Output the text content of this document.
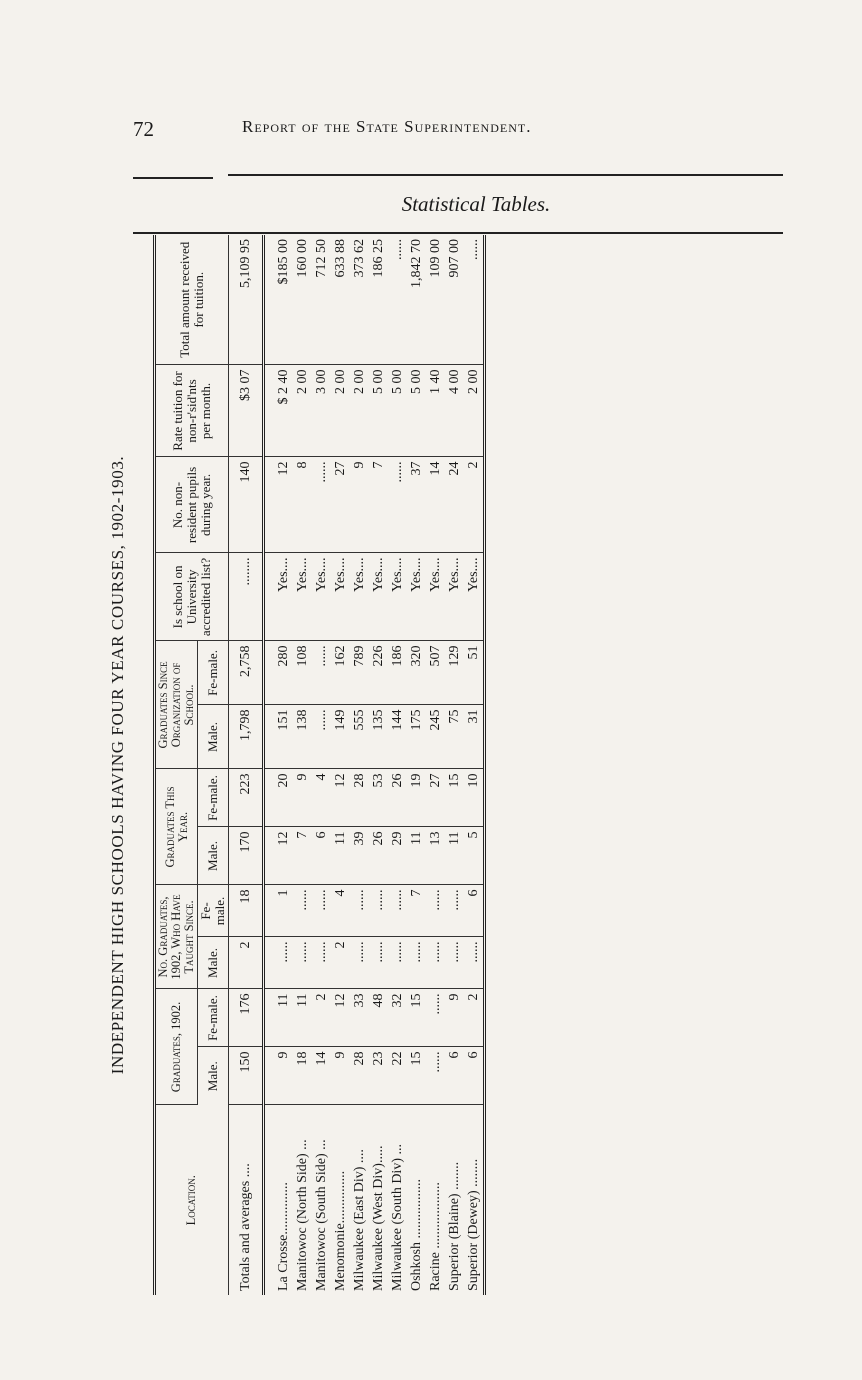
72	Report of the State Superintendent.
Statistical Tables.
INDEPENDENT HIGH SCHOOLS HAVING FOUR YEAR COURSES, 1902-1903.
Location.	Graduates, 1902.		No. Graduates, 1902, Who Have Taught Since.		Graduates This Year.		Graduates Since Organization of School.		Is school on University accredited list?	No. non-resident pupils during year.	Rate tuition for non-r'sid'nts per month.	Total amount received for tuition.
	Male.	Fe-male.	Male.	Fe-male.	Male.	Fe-male.	Male.	Fe-male.				
Totals and averages ....	150	176	2	18	170	223	1,798	2,758	........	140	$3 07	5,109 95
La Crosse...............	9	11	......	1	12	20	151	280	Yes....	12	$ 2 40	$185 00
Manitowoc (North Side) ...	18	11	......	......	7	9	138	108	Yes....	8	2 00	160 00
Manitowoc (South Side) ...	14	2	......	......	6	4	......	......	Yes....	......	3 00	712 50
Menomonie...............	9	12	2	4	11	12	149	162	Yes....	27	2 00	633 88
Milwaukee (East Div) ....	28	33	......	......	39	28	555	789	Yes....	9	2 00	373 62
Milwaukee (West Div).....	23	48	......	......	26	53	135	226	Yes....	7	5 00	186 25
Milwaukee (South Div) ...	22	32	......	......	29	26	144	186	Yes....	......	5 00	......
Oshkosh .................	15	15	......	7	11	19	175	320	Yes....	37	5 00	1,842 70
Racine ...................	......	......	......	......	13	27	245	507	Yes....	14	1 40	109 00
Superior (Blaine) ........	6	9	......	......	11	15	75	129	Yes....	24	4 00	907 00
Superior (Dewey) ........	6	2	......	6	5	10	31	51	Yes....	2	2 00	......
